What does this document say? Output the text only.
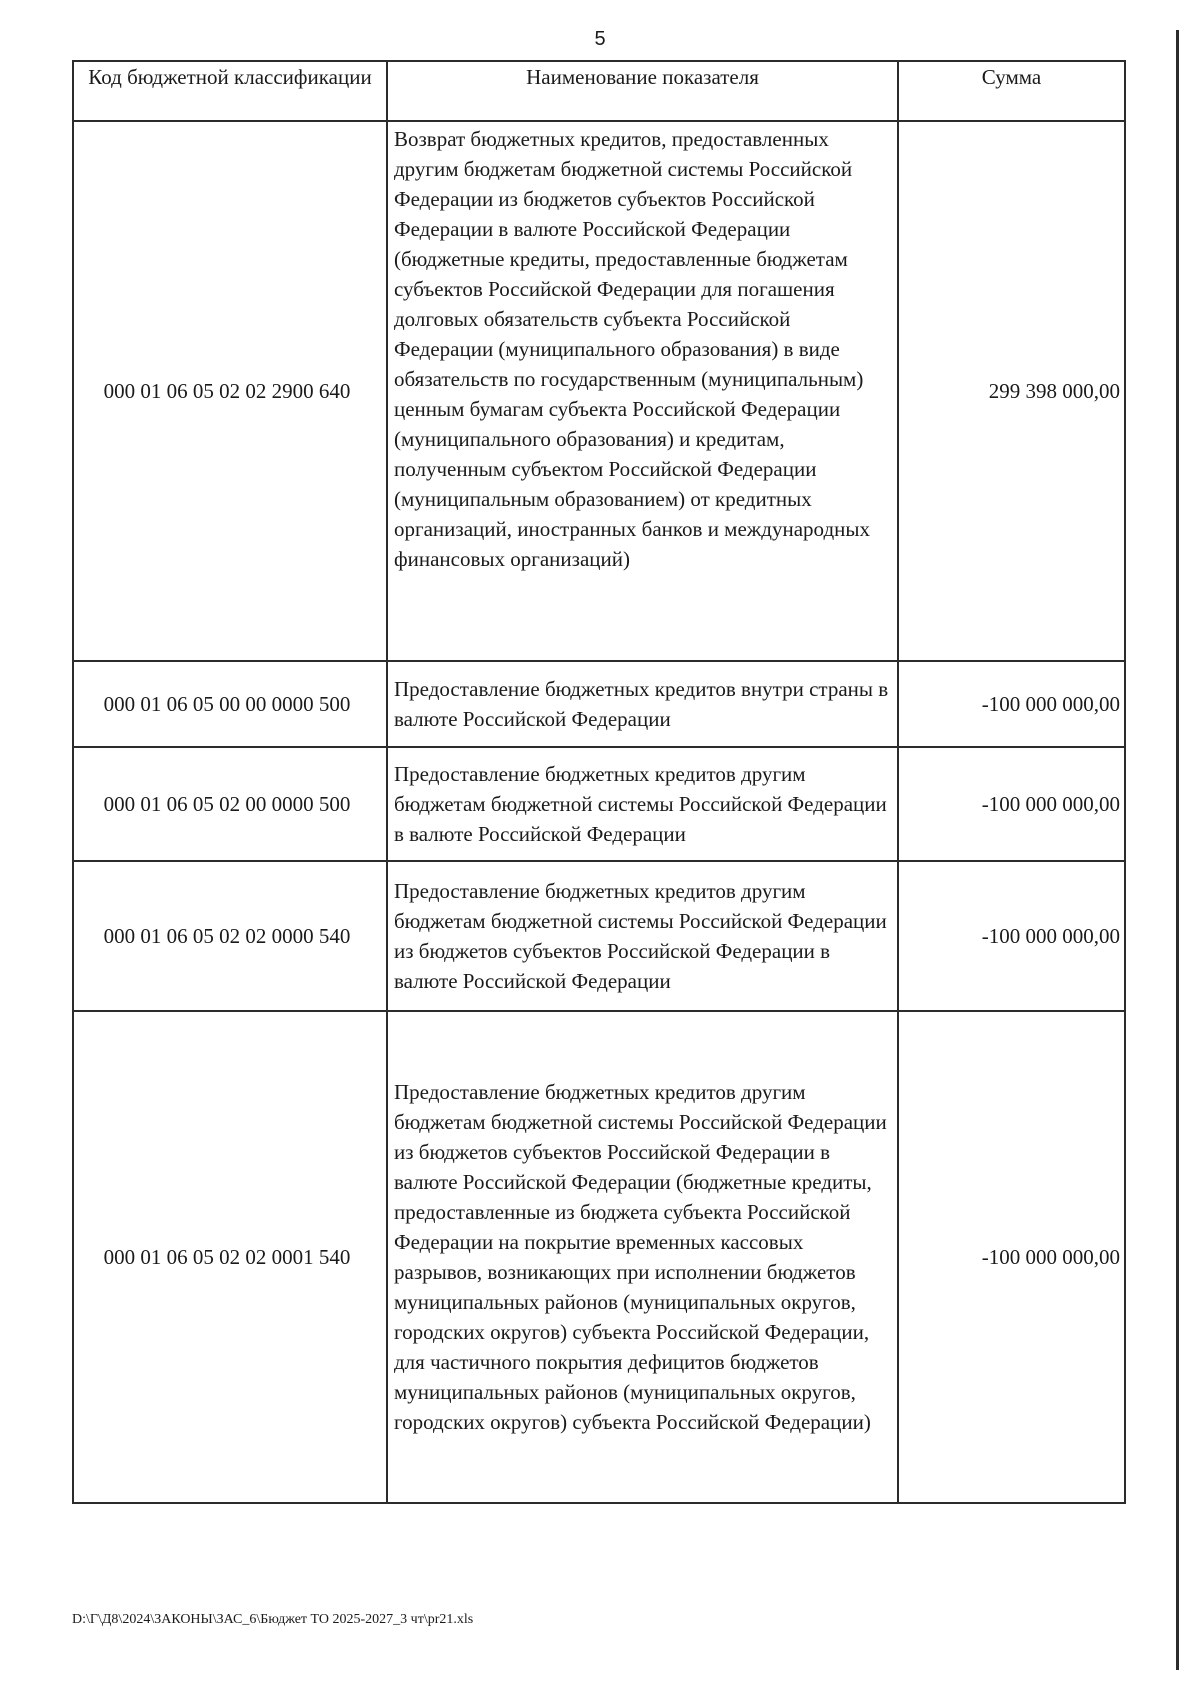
5
Код бюджетной классификации	Наименование показателя	Сумма
000 01 06 05 02 02 2900 640	Возврат бюджетных кредитов, предоставленных другим бюджетам бюджетной системы Российской Федерации из бюджетов субъектов Российской Федерации в валюте Российской Федерации (бюджетные кредиты, предоставленные бюджетам субъектов Российской Федерации для погашения долговых обязательств субъекта Российской Федерации (муниципального образования) в виде обязательств по государственным (муниципальным) ценным бумагам субъекта Российской Федерации (муниципального образования) и кредитам, полученным субъектом Российской Федерации (муниципальным образованием) от кредитных организаций, иностранных банков и международных финансовых организаций)	299 398 000,00
000 01 06 05 00 00 0000 500	Предоставление бюджетных кредитов внутри страны в валюте Российской Федерации	-100 000 000,00
000 01 06 05 02 00 0000 500	Предоставление бюджетных кредитов другим бюджетам бюджетной системы Российской Федерации в валюте Российской Федерации	-100 000 000,00
000 01 06 05 02 02 0000 540	Предоставление бюджетных кредитов другим бюджетам бюджетной системы Российской Федерации из бюджетов субъектов Российской Федерации в валюте Российской Федерации	-100 000 000,00
000 01 06 05 02 02 0001 540	Предоставление бюджетных кредитов другим бюджетам бюджетной системы Российской Федерации из бюджетов субъектов Российской Федерации в валюте Российской Федерации (бюджетные кредиты, предоставленные из бюджета субъекта Российской Федерации на покрытие временных кассовых разрывов, возникающих при исполнении бюджетов муниципальных районов (муниципальных округов, городских округов) субъекта Российской Федерации, для частичного покрытия дефицитов бюджетов муниципальных районов (муниципальных округов, городских округов) субъекта Российской Федерации)	-100 000 000,00
D:\Г\Д8\2024\ЗАКОНЫ\ЗАС_6\Бюджет ТО 2025-2027_3 чт\pr21.xls
